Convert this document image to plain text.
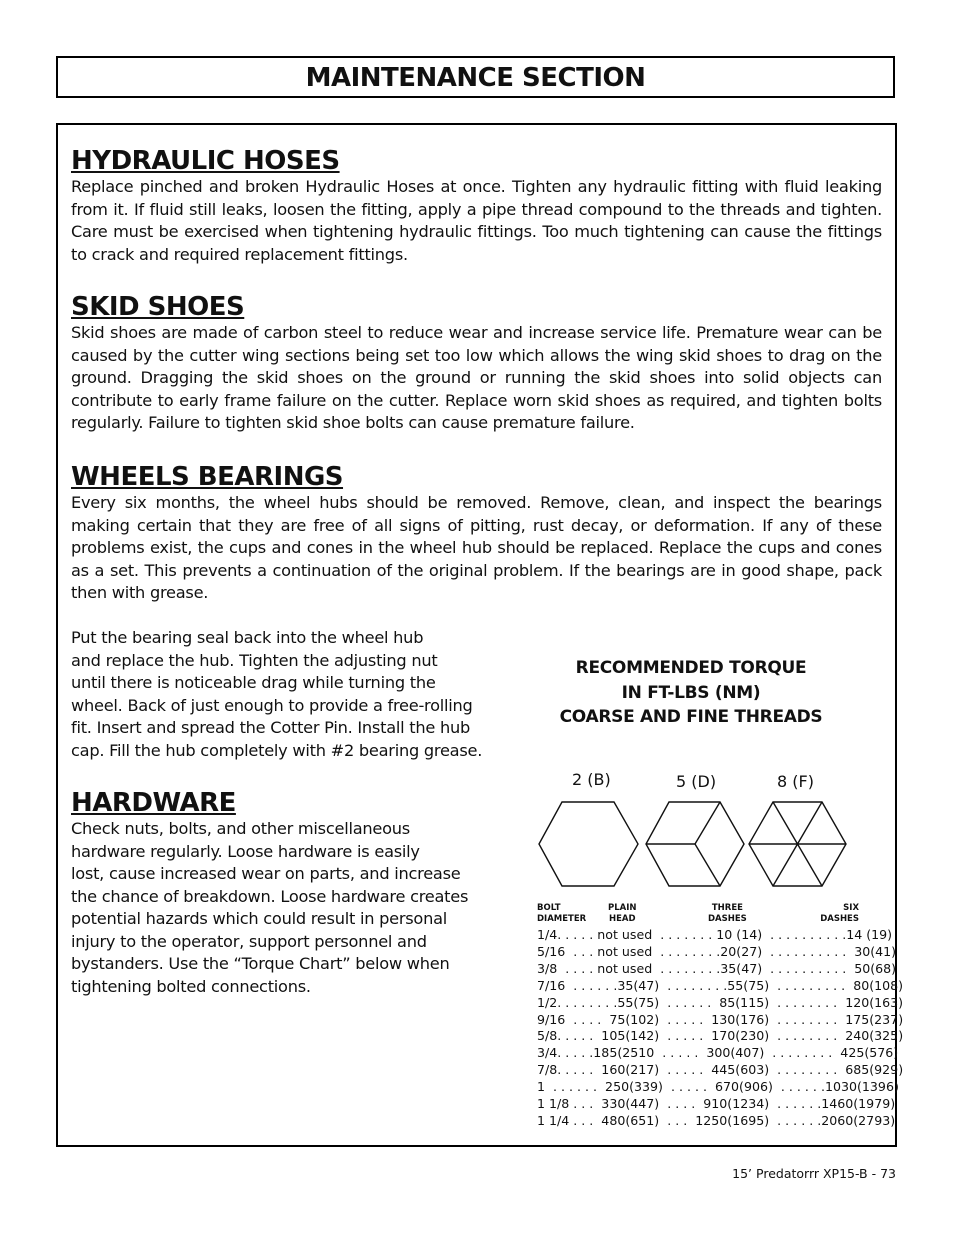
MAINTENANCE SECTION
HYDRAULIC HOSES

Replace pinched and broken Hydraulic Hoses at once. Tighten any hydraulic fitting with fluid leaking from it. If fluid still leaks, loosen the fitting, apply a pipe thread compound to the threads and tighten. Care must be exercised when tightening hydraulic fittings. Too much tightening can cause the fittings to crack and required replacement fittings.

SKID SHOES

Skid shoes are made of carbon steel to reduce wear and increase service life. Premature wear can be caused by the cutter wing sections being set too low which allows the wing skid shoes to drag on the ground. Dragging the skid shoes on the ground or running the skid shoes into solid objects can contribute to early frame failure on the cutter. Replace worn skid shoes as required, and tighten bolts regularly. Failure to tighten skid shoe bolts can cause premature failure.

WHEELS BEARINGS

Every six months, the wheel hubs should be removed. Remove, clean, and inspect the bearings making certain that they are free of all signs of pitting, rust decay, or deformation. If any of these problems exist, the cups and cones in the wheel hub should be replaced. Replace the cups and cones as a set. This prevents a continuation of the original problem. If the bearings are in good shape, pack then with grease.

Put the bearing seal back into the wheel hub
and replace the hub. Tighten the adjusting nut
until there is noticeable drag while turning the
wheel. Back of just enough to provide a free-rolling
fit. Insert and spread the Cotter Pin. Install the hub
cap. Fill the hub completely with #2 bearing grease.

HARDWARE

Check nuts, bolts, and other miscellaneous
hardware regularly. Loose hardware is easily
lost, cause increased wear on parts, and increase
the chance of breakdown. Loose hardware creates
potential hazards which could result in personal
injury to the operator, support personnel and
bystanders. Use the “Torque Chart” below when
tightening bolted connections.

RECOMMENDED TORQUE
IN FT-LBS (NM)
COARSE AND FINE THREADS
2 (B)	5 (D)	8 (F)
BOLT
DIAMETER
PLAIN
HEAD
THREE
DASHES
SIX
DASHES
1/4. . . . . not used  . . . . . . . 10 (14)  . . . . . . . . . .14 (19)
5/16  . . . not used  . . . . . . . .20(27)  . . . . . . . . . .  30(41)
3/8  . . . . not used  . . . . . . . .35(47)  . . . . . . . . . .  50(68)
7/16  . . . . . .35(47)  . . . . . . . .55(75)  . . . . . . . . .  80(108)
1/2. . . . . . . .55(75)  . . . . . .  85(115)  . . . . . . . .  120(163)
9/16  . . . .  75(102)  . . . . .  130(176)  . . . . . . . .  175(237)
5/8. . . . .  105(142)  . . . . .  170(230)  . . . . . . . .  240(325)
3/4. . . . .185(2510  . . . . .  300(407)  . . . . . . . .  425(576)
7/8. . . . .  160(217)  . . . . .  445(603)  . . . . . . . .  685(929)
1  . . . . . .  250(339)  . . . . .  670(906)  . . . . . .1030(1396)
1 1/8 . . .  330(447)  . . . .  910(1234)  . . . . . .1460(1979)
1 1/4 . . .  480(651)  . . .  1250(1695)  . . . . . .2060(2793)
15’ Predatorrr XP15-B - 73
